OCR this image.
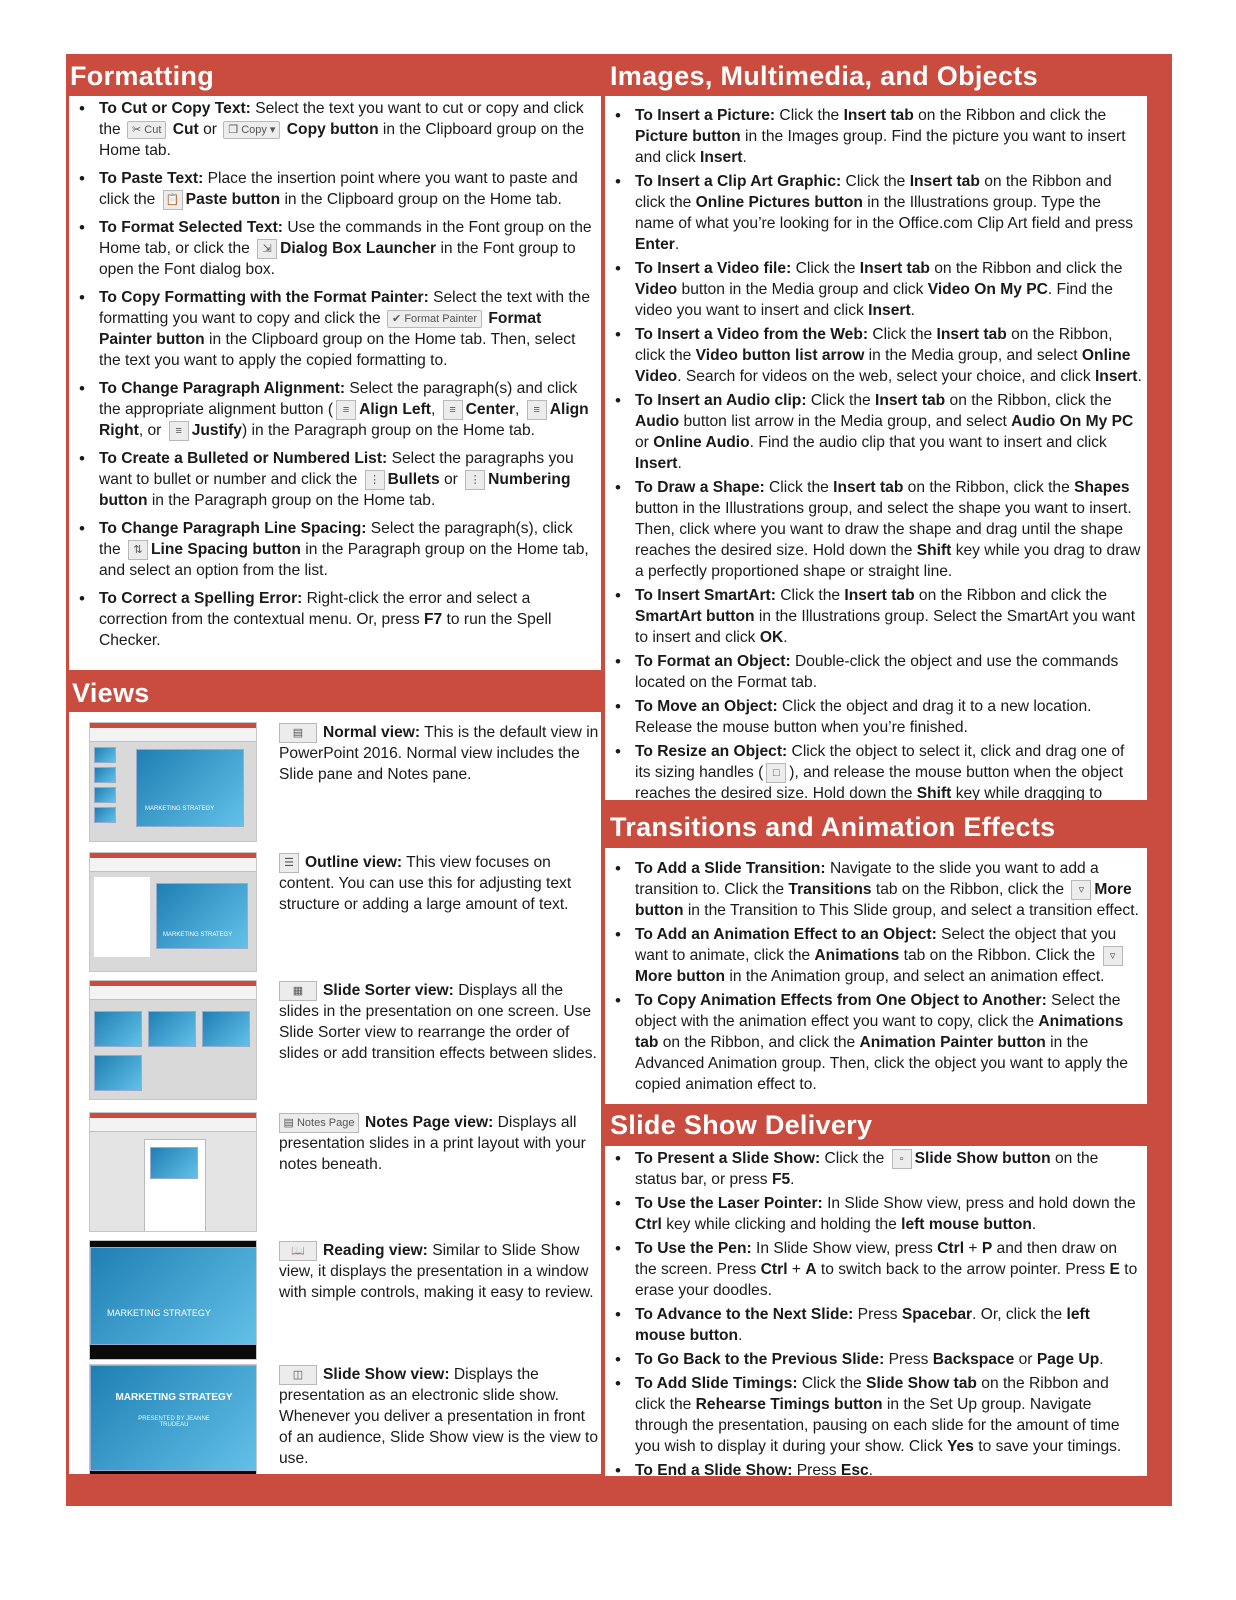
Formatting
• To Cut or Copy Text: Select the text you want to cut or copy and click the ✂ Cut Cut or ❐ Copy ▾ Copy button in the Clipboard group on the Home tab.
• To Paste Text: Place the insertion point where you want to paste and click the 📋 Paste button in the Clipboard group on the Home tab.
• To Format Selected Text: Use the commands in the Font group on the Home tab, or click the ⇲ Dialog Box Launcher in the Font group to open the Font dialog box.
• To Copy Formatting with the Format Painter: Select the text with the formatting you want to copy and click the ✔ Format Painter Format Painter button in the Clipboard group on the Home tab. Then, select the text you want to apply the copied formatting to.
• To Change Paragraph Alignment: Select the paragraph(s) and click the appropriate alignment button ( ≡ Align Left, ≡ Center, ≡ Align Right, or ≡ Justify) in the Paragraph group on the Home tab.
• To Create a Bulleted or Numbered List: Select the paragraphs you want to bullet or number and click the ⋮ Bullets or ⋮ Numbering button in the Paragraph group on the Home tab.
• To Change Paragraph Line Spacing: Select the paragraph(s), click the ⇅ Line Spacing button in the Paragraph group on the Home tab, and select an option from the list.
• To Correct a Spelling Error: Right-click the error and select a correction from the contextual menu. Or, press F7 to run the Spell Checker.
Views
MARKETING STRATEGY
▤ Normal view: This is the default view in PowerPoint 2016. Normal view includes the Slide pane and Notes pane.
MARKETING STRATEGY
☰ Outline view: This view focuses on content. You can use this for adjusting text structure or adding a large amount of text.
▦ Slide Sorter view: Displays all the slides in the presentation on one screen. Use Slide Sorter view to rearrange the order of slides or add transition effects between slides.
▤ Notes Page Notes Page view: Displays all presentation slides in a print layout with your notes beneath.
MARKETING STRATEGY
📖 Reading view: Similar to Slide Show view, it displays the presentation in a window with simple controls, making it easy to review.
MARKETING STRATEGY
PRESENTED BY JEANNE TRUDEAU
◫ Slide Show view: Displays the presentation as an electronic slide show. Whenever you deliver a presentation in front of an audience, Slide Show view is the view to use.
Images, Multimedia, and Objects
• To Insert a Picture: Click the Insert tab on the Ribbon and click the Picture button in the Images group. Find the picture you want to insert and click Insert.
• To Insert a Clip Art Graphic: Click the Insert tab on the Ribbon and click the Online Pictures button in the Illustrations group. Type the name of what you’re looking for in the Office.com Clip Art field and press Enter.
• To Insert a Video file: Click the Insert tab on the Ribbon and click the Video button in the Media group and click Video On My PC. Find the video you want to insert and click Insert.
• To Insert a Video from the Web: Click the Insert tab on the Ribbon, click the Video button list arrow in the Media group, and select Online Video. Search for videos on the web, select your choice, and click Insert.
• To Insert an Audio clip: Click the Insert tab on the Ribbon, click the Audio button list arrow in the Media group, and select Audio On My PC or Online Audio. Find the audio clip that you want to insert and click Insert.
• To Draw a Shape: Click the Insert tab on the Ribbon, click the Shapes button in the Illustrations group, and select the shape you want to insert. Then, click where you want to draw the shape and drag until the shape reaches the desired size. Hold down the Shift key while you drag to draw a perfectly proportioned shape or straight line.
• To Insert SmartArt: Click the Insert tab on the Ribbon and click the SmartArt button in the Illustrations group. Select the SmartArt you want to insert and click OK.
• To Format an Object: Double-click the object and use the commands located on the Format tab.
• To Move an Object: Click the object and drag it to a new location. Release the mouse button when you’re finished.
• To Resize an Object: Click the object to select it, click and drag one of its sizing handles ( □ ), and release the mouse button when the object reaches the desired size. Hold down the Shift key while dragging to
Transitions and Animation Effects
• To Add a Slide Transition: Navigate to the slide you want to add a transition to. Click the Transitions tab on the Ribbon, click the ▿ More button in the Transition to This Slide group, and select a transition effect.
• To Add an Animation Effect to an Object: Select the object that you want to animate, click the Animations tab on the Ribbon. Click the ▿More button in the Animation group, and select an animation effect.
• To Copy Animation Effects from One Object to Another: Select the object with the animation effect you want to copy, click the Animations tab on the Ribbon, and click the Animation Painter button in the Advanced Animation group. Then, click the object you want to apply the copied animation effect to.
Slide Show Delivery
• To Present a Slide Show: Click the ▫ Slide Show button on the status bar, or press F5.
• To Use the Laser Pointer: In Slide Show view, press and hold down the Ctrl key while clicking and holding the left mouse button.
• To Use the Pen: In Slide Show view, press Ctrl + P and then draw on the screen. Press Ctrl + A to switch back to the arrow pointer. Press E to erase your doodles.
• To Advance to the Next Slide: Press Spacebar. Or, click the left mouse button.
• To Go Back to the Previous Slide: Press Backspace or Page Up.
• To Add Slide Timings: Click the Slide Show tab on the Ribbon and click the Rehearse Timings button in the Set Up group. Navigate through the presentation, pausing on each slide for the amount of time you wish to display it during your show. Click Yes to save your timings.
• To End a Slide Show: Press Esc.
